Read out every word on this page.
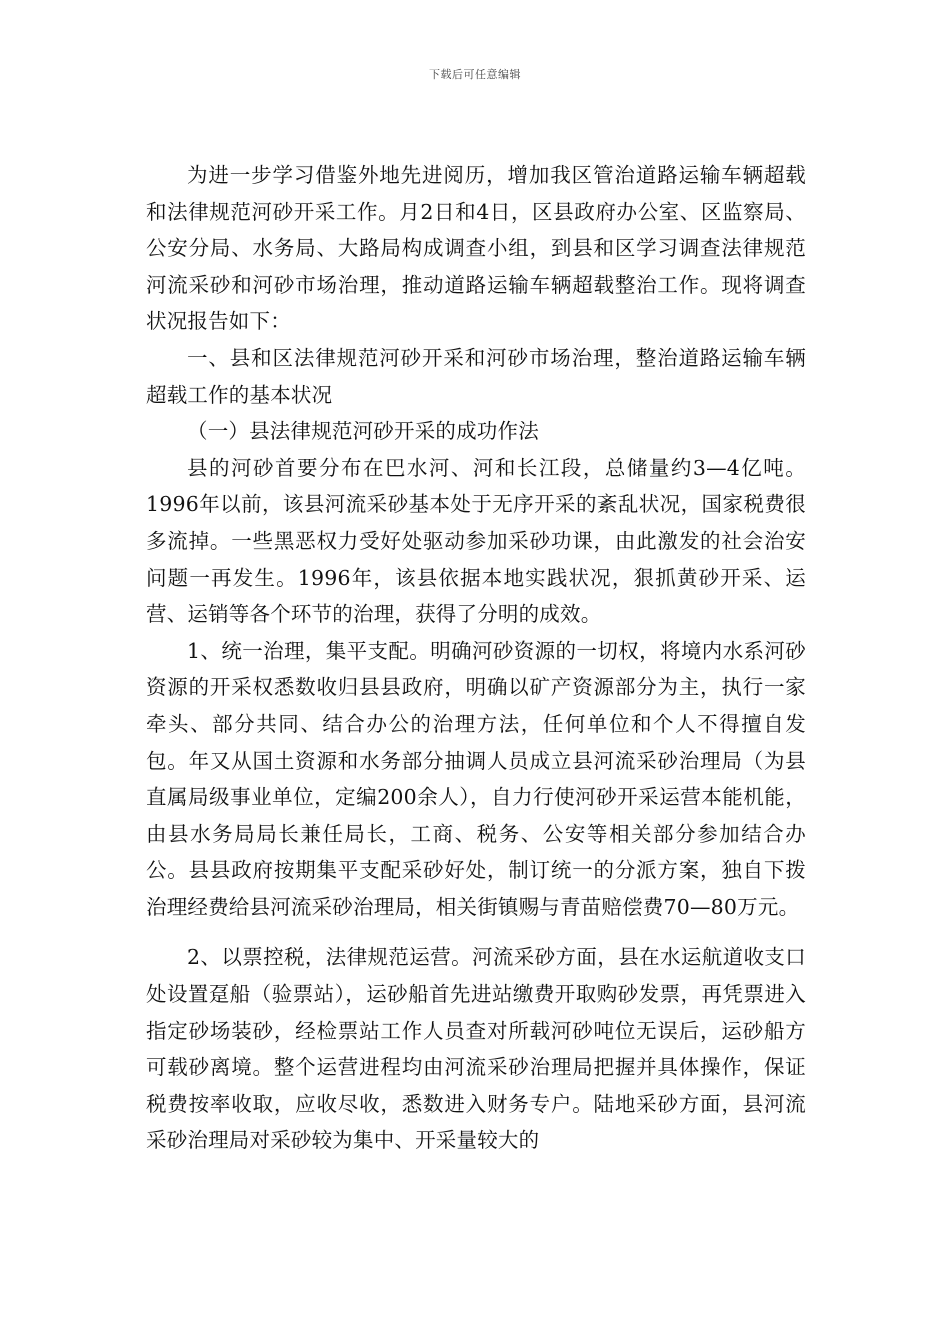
下载后可任意编辑

为进一步学习借鉴外地先进阅历，增加我区管治道路运输车辆超载和法律规范河砂开采工作。月2日和4日，区县政府办公室、区监察局、公安分局、水务局、大路局构成调查小组，到县和区学习调查法律规范河流采砂和河砂市场治理，推动道路运输车辆超载整治工作。现将调查状况报告如下：

一、县和区法律规范河砂开采和河砂市场治理，整治道路运输车辆超载工作的基本状况

（一）县法律规范河砂开采的成功作法

县的河砂首要分布在巴水河、河和长江段，总储量约3—4亿吨。1996年以前，该县河流采砂基本处于无序开采的紊乱状况，国家税费很多流掉。一些黑恶权力受好处驱动参加采砂功课，由此激发的社会治安问题一再发生。1996年，该县依据本地实践状况，狠抓黄砂开采、运营、运销等各个环节的治理，获得了分明的成效。

1、统一治理，集平支配。明确河砂资源的一切权，将境内水系河砂资源的开采权悉数收归县县政府，明确以矿产资源部分为主，执行一家牵头、部分共同、结合办公的治理方法，任何单位和个人不得擅自发包。年又从国土资源和水务部分抽调人员成立县河流采砂治理局（为县直属局级事业单位，定编200余人），自力行使河砂开采运营本能机能，由县水务局局长兼任局长，工商、税务、公安等相关部分参加结合办公。县县政府按期集平支配采砂好处，制订统一的分派方案，独自下拨治理经费给县河流采砂治理局，相关街镇赐与青苗赔偿费70—80万元。

2、以票控税，法律规范运营。河流采砂方面，县在水运航道收支口处设置趸船（验票站），运砂船首先进站缴费开取购砂发票，再凭票进入指定砂场装砂，经检票站工作人员查对所载河砂吨位无误后，运砂船方可载砂离境。整个运营进程均由河流采砂治理局把握并具体操作，保证税费按率收取，应收尽收，悉数进入财务专户。陆地采砂方面，县河流采砂治理局对采砂较为集中、开采量较大的
